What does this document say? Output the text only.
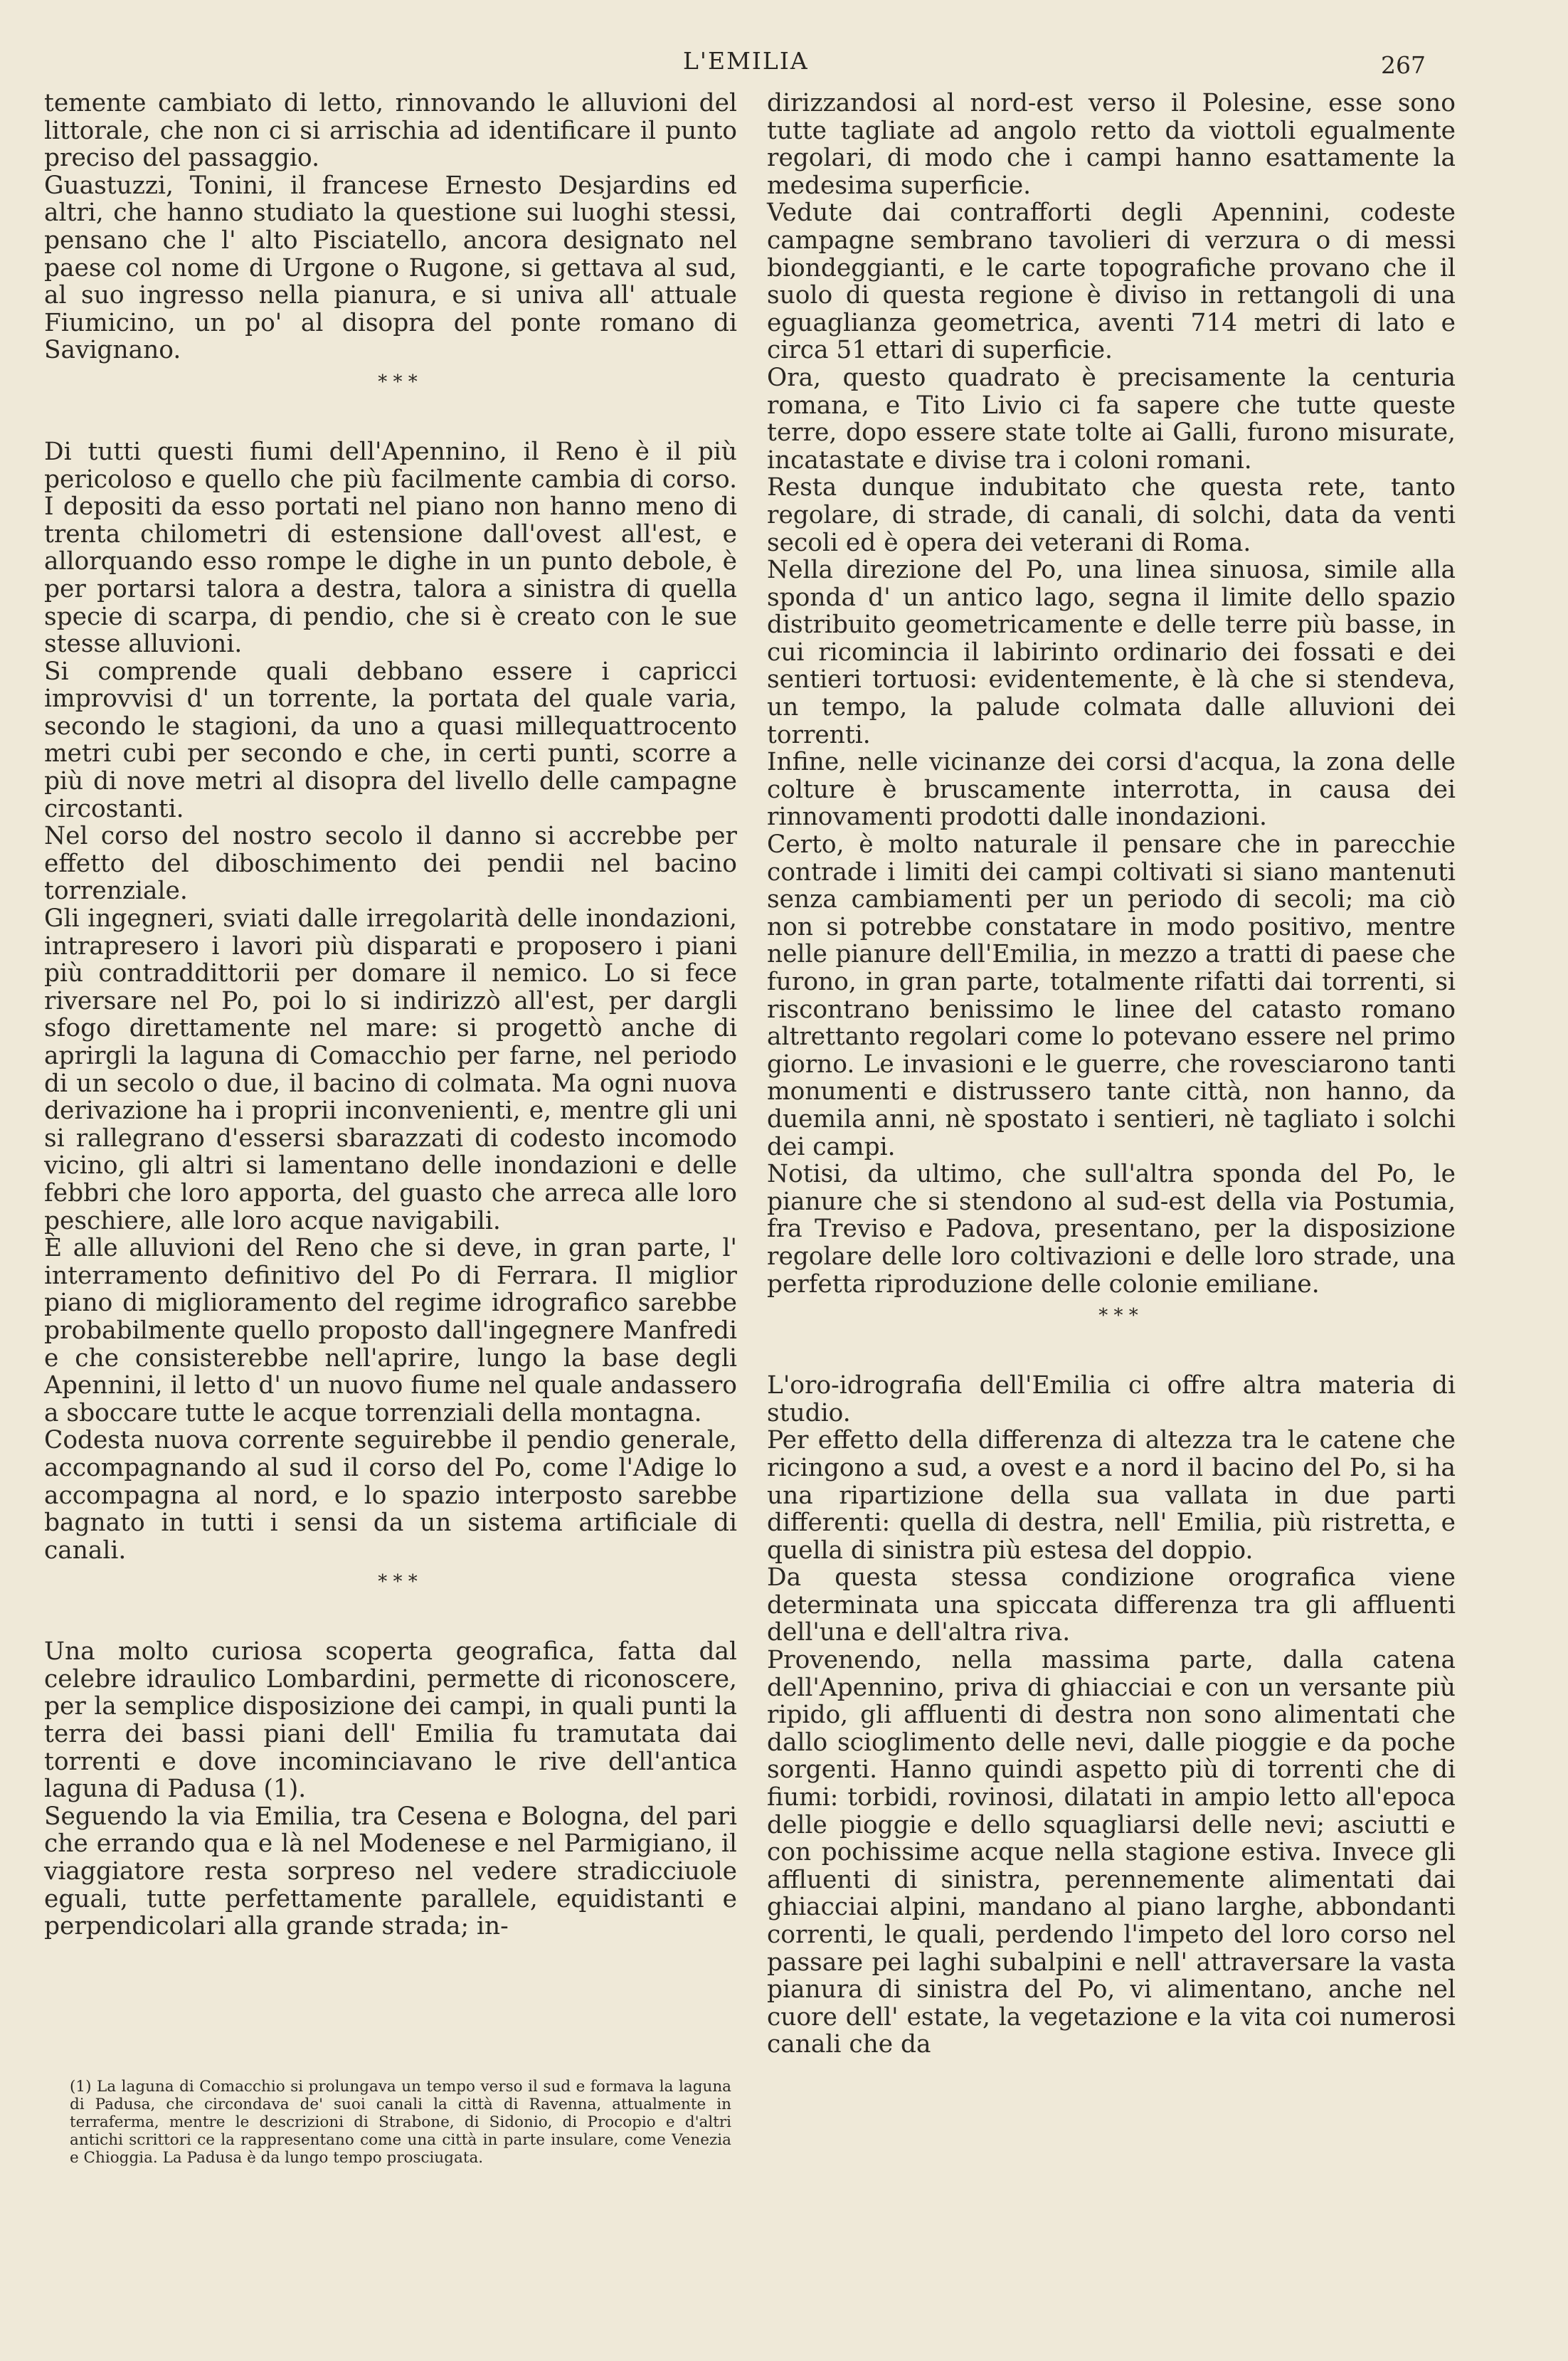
L'EMILIA	267

temente cambiato di letto, rinnovando le alluvioni del littorale, che non ci si arrischia ad identificare il punto preciso del passaggio.

Guastuzzi, Tonini, il francese Ernesto Desjardins ed altri, che hanno studiato la questione sui luoghi stessi, pensano che l' alto Pisciatello, ancora designato nel paese col nome di Urgone o Rugone, si gettava al sud, al suo ingresso nella pianura, e si univa all' attuale Fiumicino, un po' al disopra del ponte romano di Savignano.

* * *

Di tutti questi fiumi dell'Apennino, il Reno è il più pericoloso e quello che più facilmente cambia di corso. I depositi da esso portati nel piano non hanno meno di trenta chilometri di estensione dall'ovest all'est, e allorquando esso rompe le dighe in un punto debole, è per portarsi talora a destra, talora a sinistra di quella specie di scarpa, di pendio, che si è creato con le sue stesse alluvioni.

Si comprende quali debbano essere i capricci improvvisi d' un torrente, la portata del quale varia, secondo le stagioni, da uno a quasi millequattrocento metri cubi per secondo e che, in certi punti, scorre a più di nove metri al disopra del livello delle campagne circostanti.

Nel corso del nostro secolo il danno si accrebbe per effetto del diboschimento dei pendii nel bacino torrenziale.

Gli ingegneri, sviati dalle irregolarità delle inondazioni, intrapresero i lavori più disparati e proposero i piani più contraddittorii per domare il nemico. Lo si fece riversare nel Po, poi lo si indirizzò all'est, per dargli sfogo direttamente nel mare: si progettò anche di aprirgli la laguna di Comacchio per farne, nel periodo di un secolo o due, il bacino di colmata. Ma ogni nuova derivazione ha i proprii inconvenienti, e, mentre gli uni si rallegrano d'essersi sbarazzati di codesto incomodo vicino, gli altri si lamentano delle inondazioni e delle febbri che loro apporta, del guasto che arreca alle loro peschiere, alle loro acque navigabili.

È alle alluvioni del Reno che si deve, in gran parte, l' interramento definitivo del Po di Ferrara. Il miglior piano di miglioramento del regime idrografico sarebbe probabilmente quello proposto dall'ingegnere Manfredi e che consisterebbe nell'aprire, lungo la base degli Apennini, il letto d' un nuovo fiume nel quale andassero a sboccare tutte le acque torrenziali della montagna.

Codesta nuova corrente seguirebbe il pendio generale, accompagnando al sud il corso del Po, come l'Adige lo accompagna al nord, e lo spazio interposto sarebbe bagnato in tutti i sensi da un sistema artificiale di canali.

* * *

Una molto curiosa scoperta geografica, fatta dal celebre idraulico Lombardini, permette di riconoscere, per la semplice disposizione dei campi, in quali punti la terra dei bassi piani dell' Emilia fu tramutata dai torrenti e dove incominciavano le rive dell'antica laguna di Padusa (1).

Seguendo la via Emilia, tra Cesena e Bologna, del pari che errando qua e là nel Modenese e nel Parmigiano, il viaggiatore resta sorpreso nel vedere stradicciuole eguali, tutte perfettamente parallele, equidistanti e perpendicolari alla grande strada; in-

(1) La laguna di Comacchio si prolungava un tempo verso il sud e formava la laguna di Padusa, che circondava de' suoi canali la città di Ravenna, attualmente in terraferma, mentre le descrizioni di Strabone, di Sidonio, di Procopio e d'altri antichi scrittori ce la rappresentano come una città in parte insulare, come Venezia e Chioggia. La Padusa è da lungo tempo prosciugata.

dirizzandosi al nord-est verso il Polesine, esse sono tutte tagliate ad angolo retto da viottoli egualmente regolari, di modo che i campi hanno esattamente la medesima superficie.

Vedute dai contrafforti degli Apennini, codeste campagne sembrano tavolieri di verzura o di messi biondeggianti, e le carte topografiche provano che il suolo di questa regione è diviso in rettangoli di una eguaglianza geometrica, aventi 714 metri di lato e circa 51 ettari di superficie.

Ora, questo quadrato è precisamente la centuria romana, e Tito Livio ci fa sapere che tutte queste terre, dopo essere state tolte ai Galli, furono misurate, incatastate e divise tra i coloni romani.

Resta dunque indubitato che questa rete, tanto regolare, di strade, di canali, di solchi, data da venti secoli ed è opera dei veterani di Roma.

Nella direzione del Po, una linea sinuosa, simile alla sponda d' un antico lago, segna il limite dello spazio distribuito geometricamente e delle terre più basse, in cui ricomincia il labirinto ordinario dei fossati e dei sentieri tortuosi: evidentemente, è là che si stendeva, un tempo, la palude colmata dalle alluvioni dei torrenti.

Infine, nelle vicinanze dei corsi d'acqua, la zona delle colture è bruscamente interrotta, in causa dei rinnovamenti prodotti dalle inondazioni.

Certo, è molto naturale il pensare che in parecchie contrade i limiti dei campi coltivati si siano mantenuti senza cambiamenti per un periodo di secoli; ma ciò non si potrebbe constatare in modo positivo, mentre nelle pianure dell'Emilia, in mezzo a tratti di paese che furono, in gran parte, totalmente rifatti dai torrenti, si riscontrano benissimo le linee del catasto romano altrettanto regolari come lo potevano essere nel primo giorno. Le invasioni e le guerre, che rovesciarono tanti monumenti e distrussero tante città, non hanno, da duemila anni, nè spostato i sentieri, nè tagliato i solchi dei campi.

Notisi, da ultimo, che sull'altra sponda del Po, le pianure che si stendono al sud-est della via Postumia, fra Treviso e Padova, presentano, per la disposizione regolare delle loro coltivazioni e delle loro strade, una perfetta riproduzione delle colonie emiliane.

* * *

L'oro-idrografia dell'Emilia ci offre altra materia di studio.

Per effetto della differenza di altezza tra le catene che ricingono a sud, a ovest e a nord il bacino del Po, si ha una ripartizione della sua vallata in due parti differenti: quella di destra, nell' Emilia, più ristretta, e quella di sinistra più estesa del doppio.

Da questa stessa condizione orografica viene determinata una spiccata differenza tra gli affluenti dell'una e dell'altra riva.

Provenendo, nella massima parte, dalla catena dell'Apennino, priva di ghiacciai e con un versante più ripido, gli affluenti di destra non sono alimentati che dallo scioglimento delle nevi, dalle pioggie e da poche sorgenti. Hanno quindi aspetto più di torrenti che di fiumi: torbidi, rovinosi, dilatati in ampio letto all'epoca delle pioggie e dello squagliarsi delle nevi; asciutti e con pochissime acque nella stagione estiva. Invece gli affluenti di sinistra, perennemente alimentati dai ghiacciai alpini, mandano al piano larghe, abbondanti correnti, le quali, perdendo l'impeto del loro corso nel passare pei laghi subalpini e nell' attraversare la vasta pianura di sinistra del Po, vi alimentano, anche nel cuore dell' estate, la vegetazione e la vita coi numerosi canali che da
